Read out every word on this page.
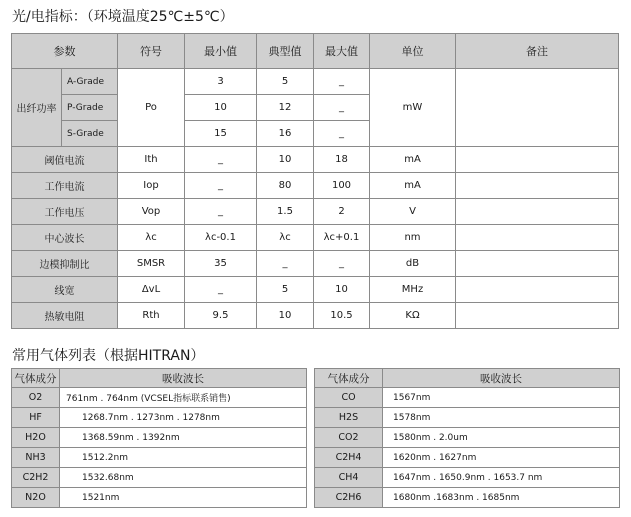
光/电指标：（环境温度25℃±5℃）
参数		符号	最小值	典型值	最大值	单位	备注
出纤功率	A-Grade	Po	3	5	_	mW	
	P-Grade		10	12	_		
	S-Grade		15	16	_		
阈值电流		Ith	_	10	18	mA	
工作电流		Iop	_	80	100	mA	
工作电压		Vop	_	1.5	2	V	
中心波长		λc	λc-0.1	λc	λc+0.1	nm	
边模抑制比		SMSR	35	_	_	dB	
线宽		ΔvL	_	5	10	MHz	
热敏电阻		Rth	9.5	10	10.5	KΩ	
常用气体列表（根据HITRAN）
气体成分	吸收波长
O2	761nm . 764nm (VCSEL指标联系销售)
HF	1268.7nm . 1273nm . 1278nm
H2O	1368.59nm . 1392nm
NH3	1512.2nm
C2H2	1532.68nm
N2O	1521nm
气体成分	吸收波长
CO	1567nm
H2S	1578nm
CO2	1580nm . 2.0um
C2H4	1620nm . 1627nm
CH4	1647nm . 1650.9nm . 1653.7 nm
C2H6	1680nm .1683nm . 1685nm
